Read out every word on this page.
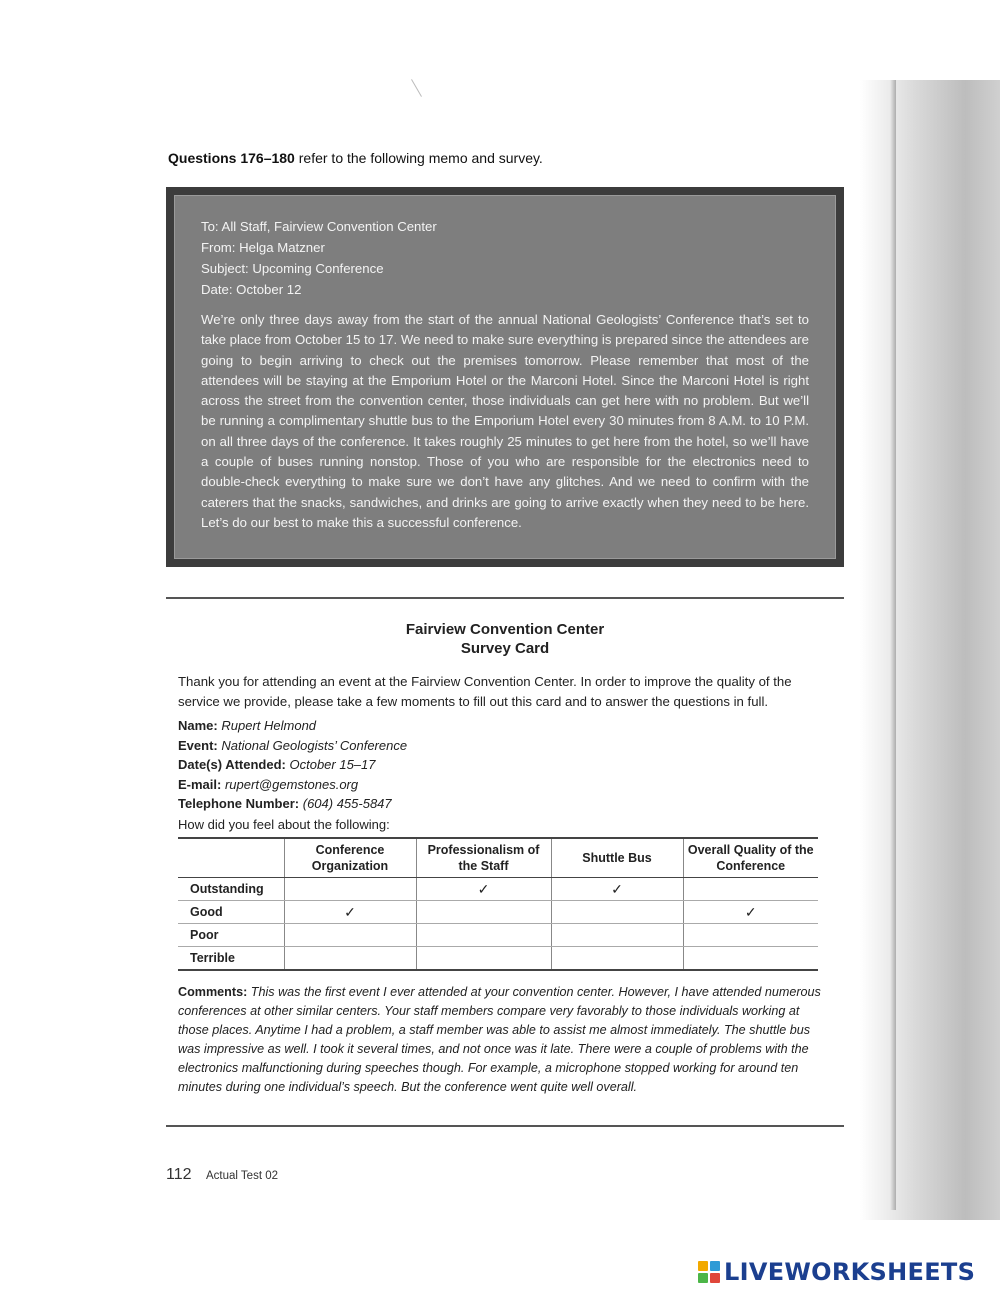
Questions 176–180 refer to the following memo and survey.
To: All Staff, Fairview Convention Center
From: Helga Matzner
Subject: Upcoming Conference
Date: October 12
We’re only three days away from the start of the annual National Geologists’ Conference that’s set to take place from October 15 to 17. We need to make sure everything is prepared since the attendees are going to begin arriving to check out the premises tomorrow. Please remember that most of the attendees will be staying at the Emporium Hotel or the Marconi Hotel. Since the Marconi Hotel is right across the street from the convention center, those individuals can get here with no problem. But we’ll be running a complimentary shuttle bus to the Emporium Hotel every 30 minutes from 8 A.M. to 10 P.M. on all three days of the conference. It takes roughly 25 minutes to get here from the hotel, so we’ll have a couple of buses running nonstop. Those of you who are responsible for the electronics need to double-check everything to make sure we don’t have any glitches. And we need to confirm with the caterers that the snacks, sandwiches, and drinks are going to arrive exactly when they need to be here. Let’s do our best to make this a successful conference.
Fairview Convention Center
Survey Card
Thank you for attending an event at the Fairview Convention Center. In order to improve the quality of the service we provide, please take a few moments to fill out this card and to answer the questions in full.
Name: Rupert Helmond
Event: National Geologists’ Conference
Date(s) Attended: October 15–17
E-mail: rupert@gemstones.org
Telephone Number: (604) 455-5847
How did you feel about the following:
	Conference Organization	Professionalism of the Staff	Shuttle Bus	Overall Quality of the Conference
Outstanding		✓	✓	
Good	✓			✓
Poor				
Terrible				
Comments: This was the first event I ever attended at your convention center. However, I have attended numerous conferences at other similar centers. Your staff members compare very favorably to those individuals working at those places. Anytime I had a problem, a staff member was able to assist me almost immediately. The shuttle bus was impressive as well. I took it several times, and not once was it late. There were a couple of problems with the electronics malfunctioning during speeches though. For example, a microphone stopped working for around ten minutes during one individual’s speech. But the conference went quite well overall.
112 Actual Test 02
LIVEWORKSHEETS
